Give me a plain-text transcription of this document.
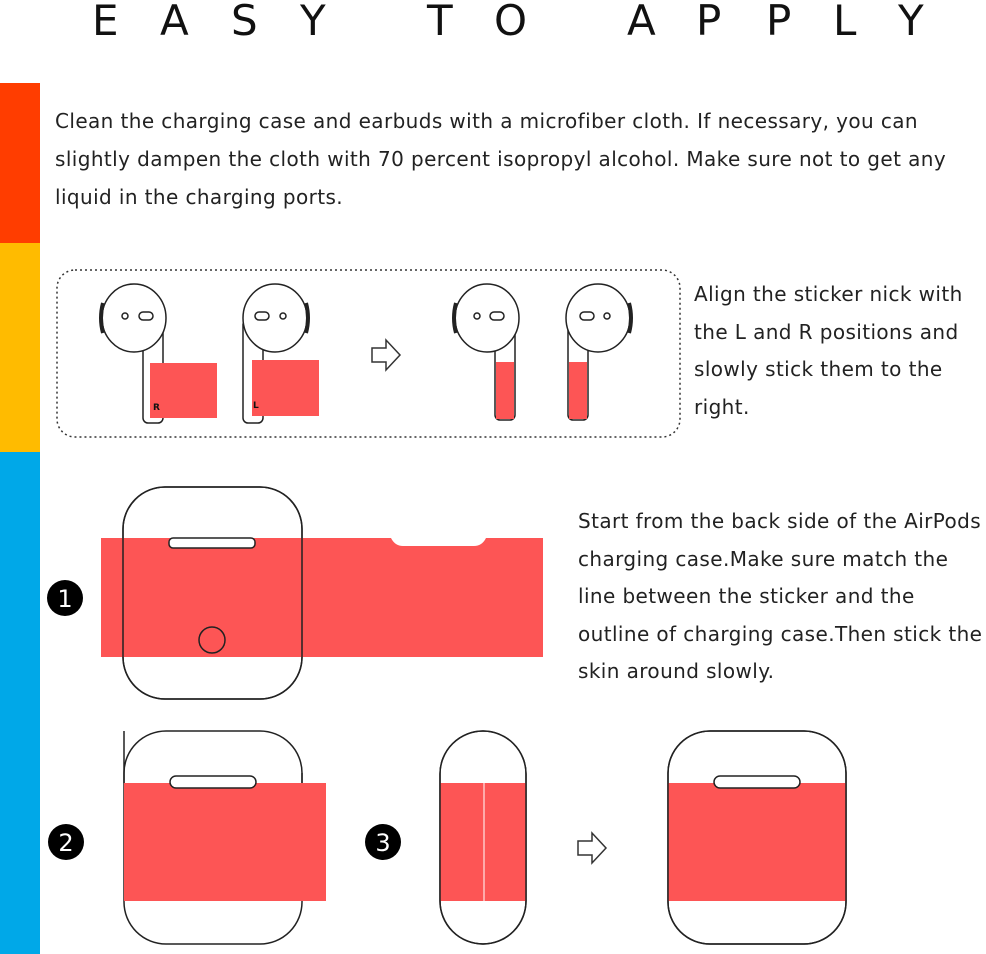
E A S Y T O A P P L Y

Clean the charging case and earbuds with a microfiber cloth. If necessary, you can slightly dampen the cloth with 70 percent isopropyl alcohol. Make sure not to get any liquid in the charging ports.

Align the sticker nick with the L and R positions and slowly stick them to the right.

Start from the back side of the AirPods charging case.Make sure match the line between the sticker and the outline of charging case.Then stick the skin around slowly.

R	L
1
2	3
